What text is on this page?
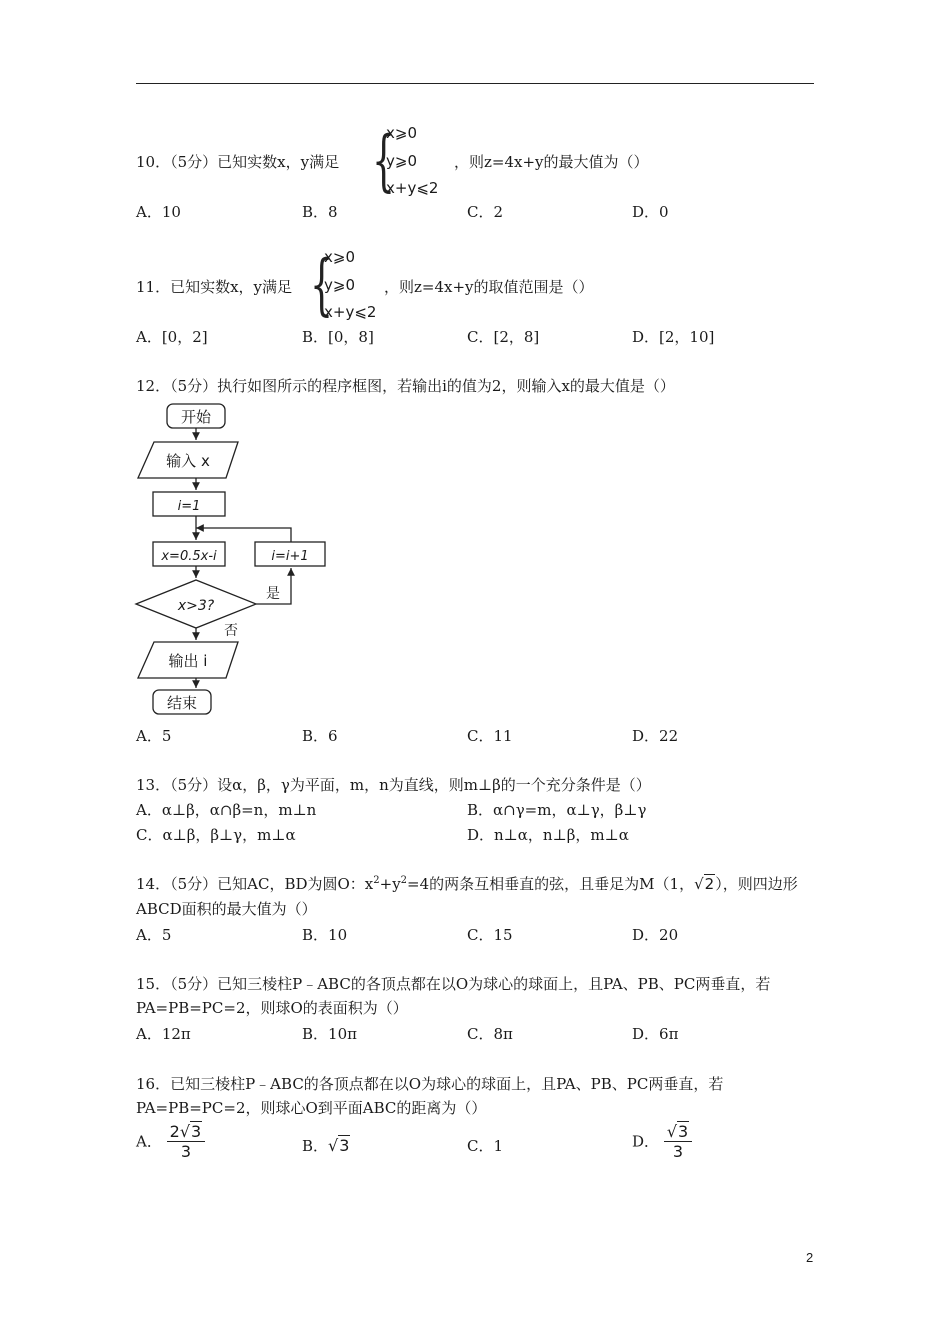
10．（5分）已知实数x，y满足 {
x⩾0
y⩾0
x+y⩽2
，则z=4x+y的最大值为（）
A．10	B．8	C．2	D．0
11．已知实数x，y满足 {
x⩾0
y⩾0
x+y⩽2
，则z=4x+y的取值范围是（）
A．[0，2]	B．[0，8]	C．[2，8]	D．[2，10]
12．（5分）执行如图所示的程序框图，若输出i的值为2，则输入x的最大值是（）
开始
输入 x
i=1
x=0.5x-i	i=i+1
x>3?
是
否
输出 i
结束
A．5	B．6	C．11	D．22
13．（5分）设α，β，γ为平面，m，n为直线，则m⊥β的一个充分条件是（）
A．α⊥β，α∩β=n，m⊥n	B．α∩γ=m，α⊥γ，β⊥γ
C．α⊥β，β⊥γ，m⊥α	D．n⊥α，n⊥β，m⊥α
14．（5分）已知AC，BD为圆O：$x^2+y^2=4$的两条互相垂直的弦，且垂足为M（1，√2），则四边形
ABCD面积的最大值为（）
A．5	B．10	C．15	D．20
15．（5分）已知三棱柱P﹣ABC的各顶点都在以O为球心的球面上，且PA、PB、PC两垂直，若
PA=PB=PC=2，则球O的表面积为（）
A．12π	B．10π	C．8π	D．6π
16．已知三棱柱P﹣ABC的各顶点都在以O为球心的球面上，且PA、PB、PC两垂直，若
PA=PB=PC=2，则球心O到平面ABC的距离为（）
A． $\frac{2√3}{3}$	B．√3	C．1	D． $\frac{√3}{3}$
2
